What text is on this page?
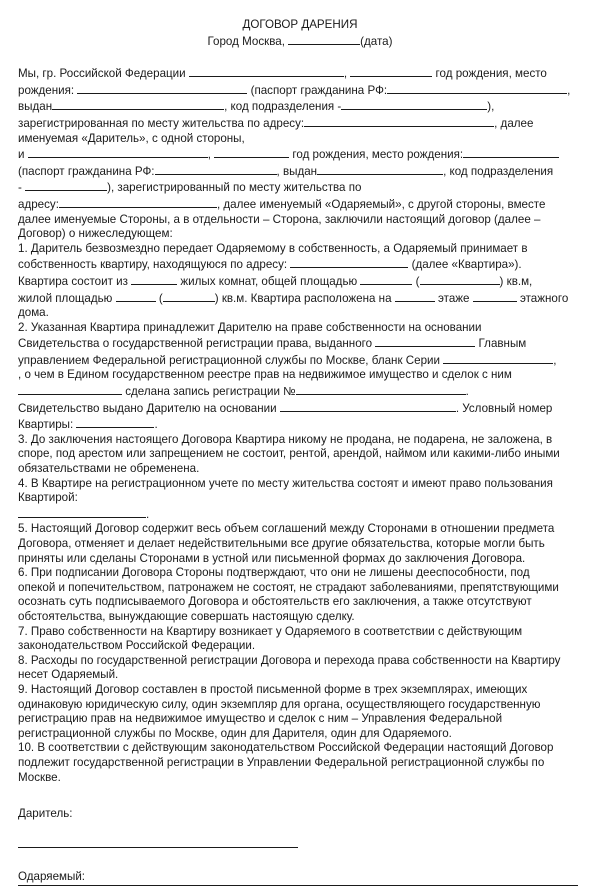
ДОГОВОР ДАРЕНИЯ
Город Москва,	(дата)
Мы, гр. Российской Федерации	,	год рождения, место
рождения:	(паспорт гражданина РФ:	,
выдан	, код подразделения -	),
зарегистрированная по месту жительства по адресу:	, далее
именуемая «Даритель», с одной стороны,
и	,	год рождения, место рождения:
(паспорт гражданина РФ:	, выдан	, код подразделения
-	), зарегистрированный по месту жительства по
адресу:	, далее именуемый «Одаряемый», с другой стороны, вместе
далее именуемые Стороны, а в отдельности – Сторона, заключили настоящий договор (далее –
Договор) о нижеследующем:
1. Даритель безвозмездно передает Одаряемому в собственность, а Одаряемый принимает в
собственность квартиру, находящуюся по адресу:	(далее «Квартира»).
Квартира состоит из	жилых комнат, общей площадью	(	) кв.м,
жилой площадью	(	) кв.м. Квартира расположена на	этаже	этажного
дома.
2. Указанная Квартира принадлежит Дарителю на праве собственности на основании
Свидетельства о государственной регистрации права, выданного	Главным
управлением Федеральной регистрационной службы по Москве, бланк Серии	,
, о чем в Едином государственном реестре прав на недвижимое имущество и сделок с ним
сделана запись регистрации №	.
Свидетельство выдано Дарителю на основании	. Условный номер
Квартиры:	.
3. До заключения настоящего Договора Квартира никому не продана, не подарена, не заложена, в
споре, под арестом или запрещением не состоит, рентой, арендой, наймом или какими-либо иными
обязательствами не обременена.
4. В Квартире на регистрационном учете по месту жительства состоят и имеют право пользования
Квартирой:
.
5. Настоящий Договор содержит весь объем соглашений между Сторонами в отношении предмета
Договора, отменяет и делает недействительными все другие обязательства, которые могли быть
приняты или сделаны Сторонами в устной или письменной формах до заключения Договора.
6. При подписании Договора Стороны подтверждают, что они не лишены дееспособности, под
опекой и попечительством, патронажем не состоят, не страдают заболеваниями, препятствующими
осознать суть подписываемого Договора и обстоятельств его заключения, а также отсутствуют
обстоятельства, вынуждающие совершать настоящую сделку.
7. Право собственности на Квартиру возникает у Одаряемого в соответствии с действующим
законодательством Российской Федерации.
8. Расходы по государственной регистрации Договора и перехода права собственности на Квартиру
несет Одаряемый.
9. Настоящий Договор составлен в простой письменной форме в трех экземплярах, имеющих
одинаковую юридическую силу, один экземпляр для органа, осуществляющего государственную
регистрацию прав на недвижимое имущество и сделок с ним – Управления Федеральной
регистрационной службы по Москве, один для Дарителя, один для Одаряемого.
10. В соответствии с действующим законодательством Российской Федерации настоящий Договор
подлежит государственной регистрации в Управлении Федеральной регистрационной службы по
Москве.
Даритель:
Одаряемый:
